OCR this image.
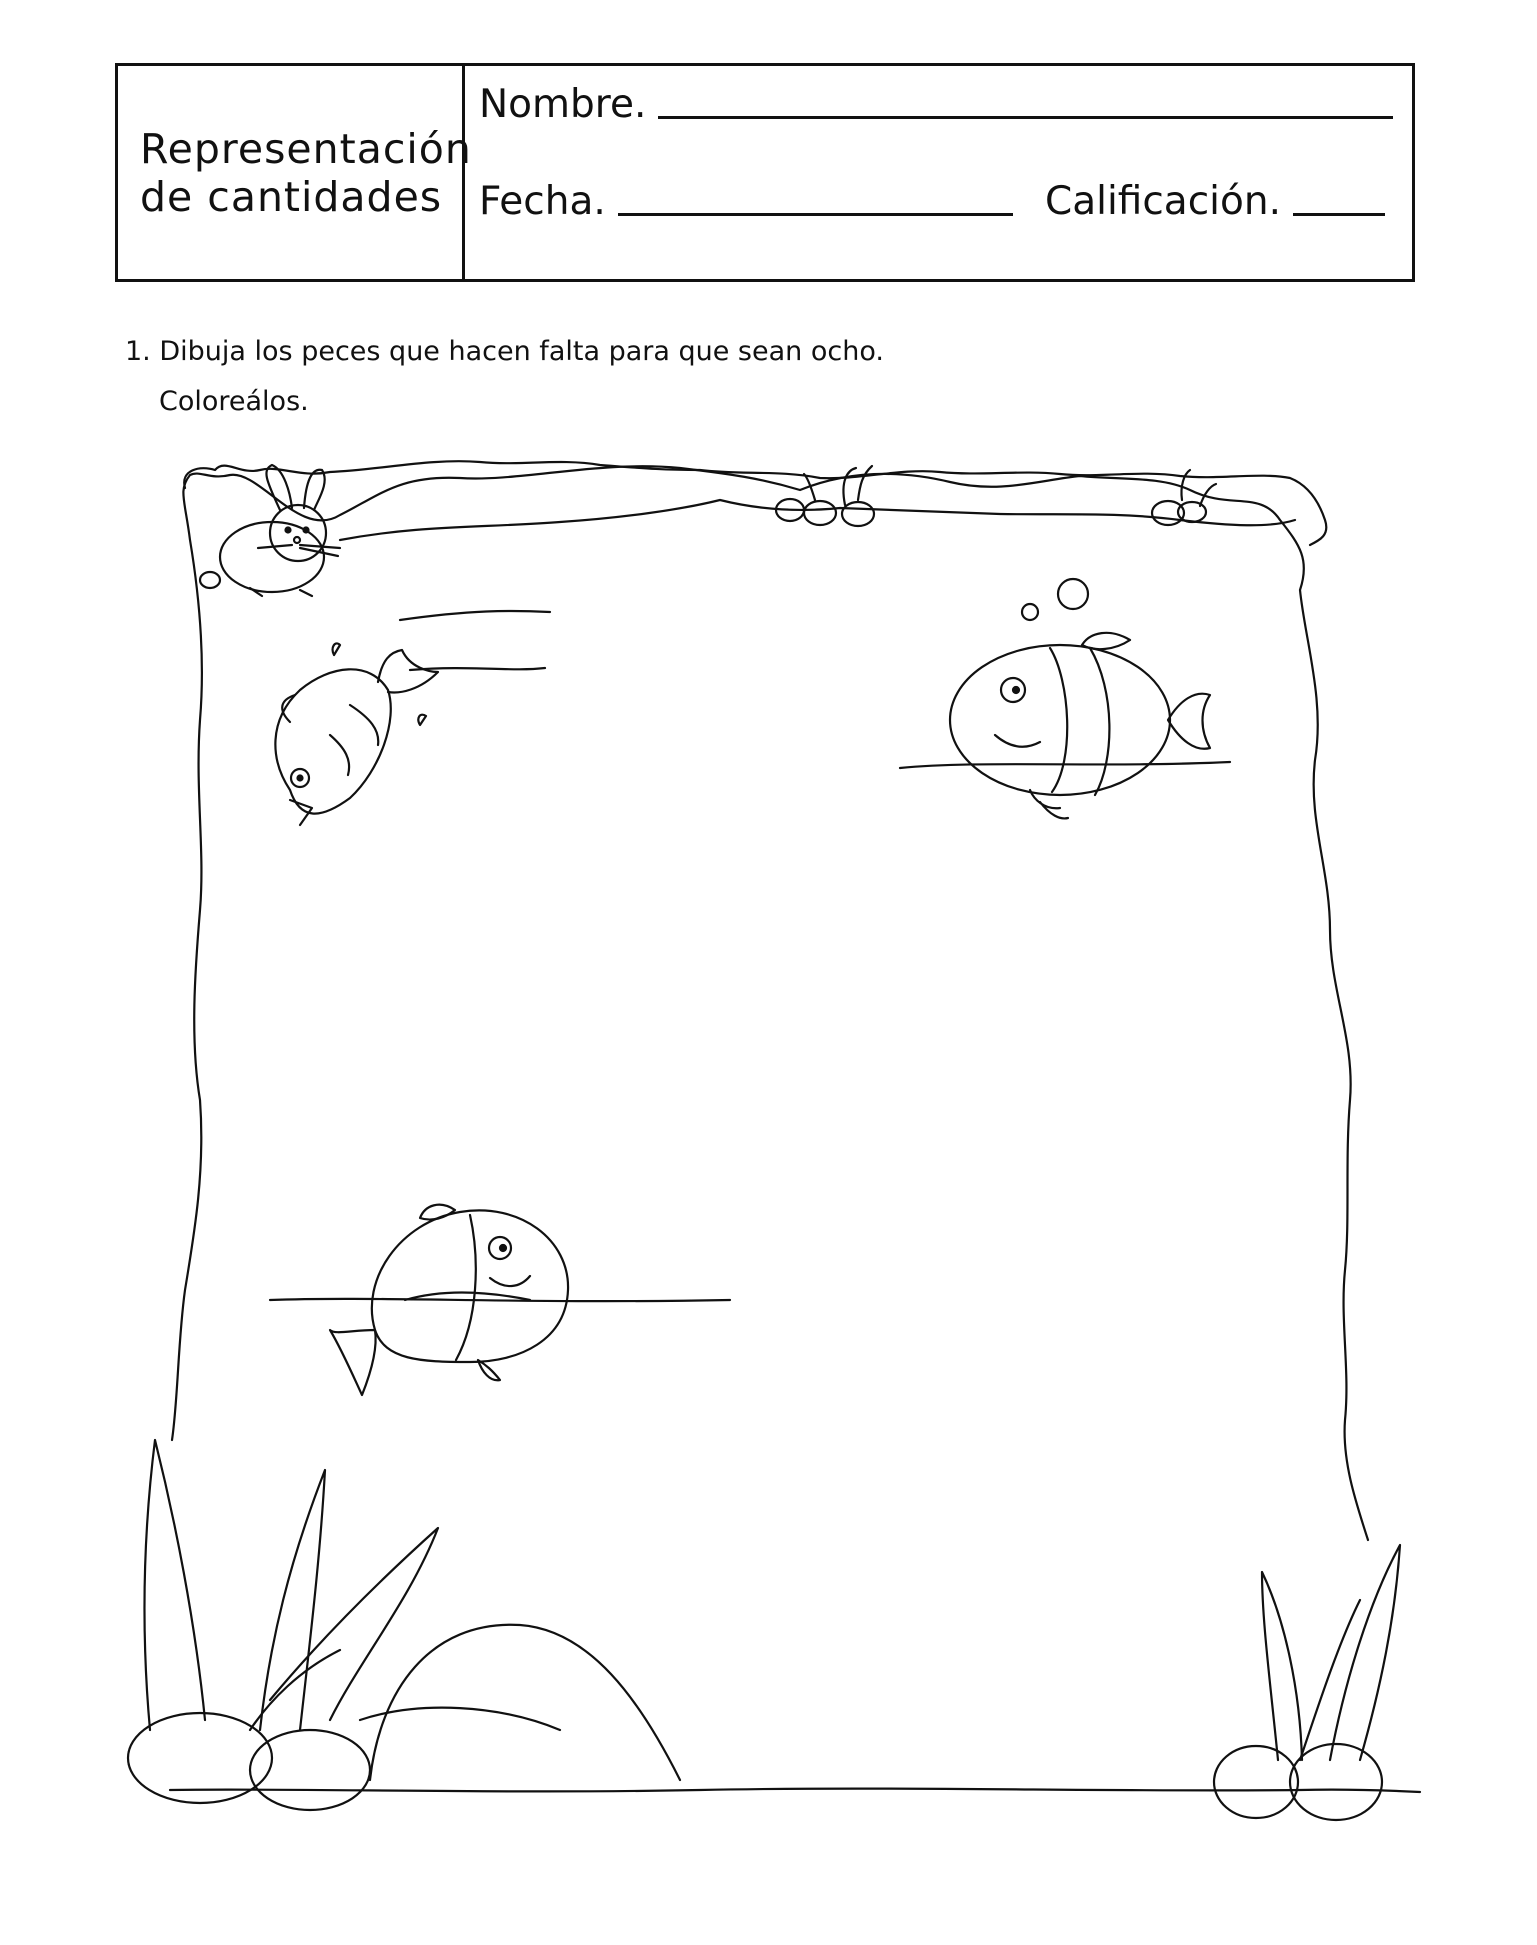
Representación
de cantidades
Nombre.
Fecha.	Calificación.
1. Dibuja los peces que hacen falta para que sean ocho.
Coloreálos.
